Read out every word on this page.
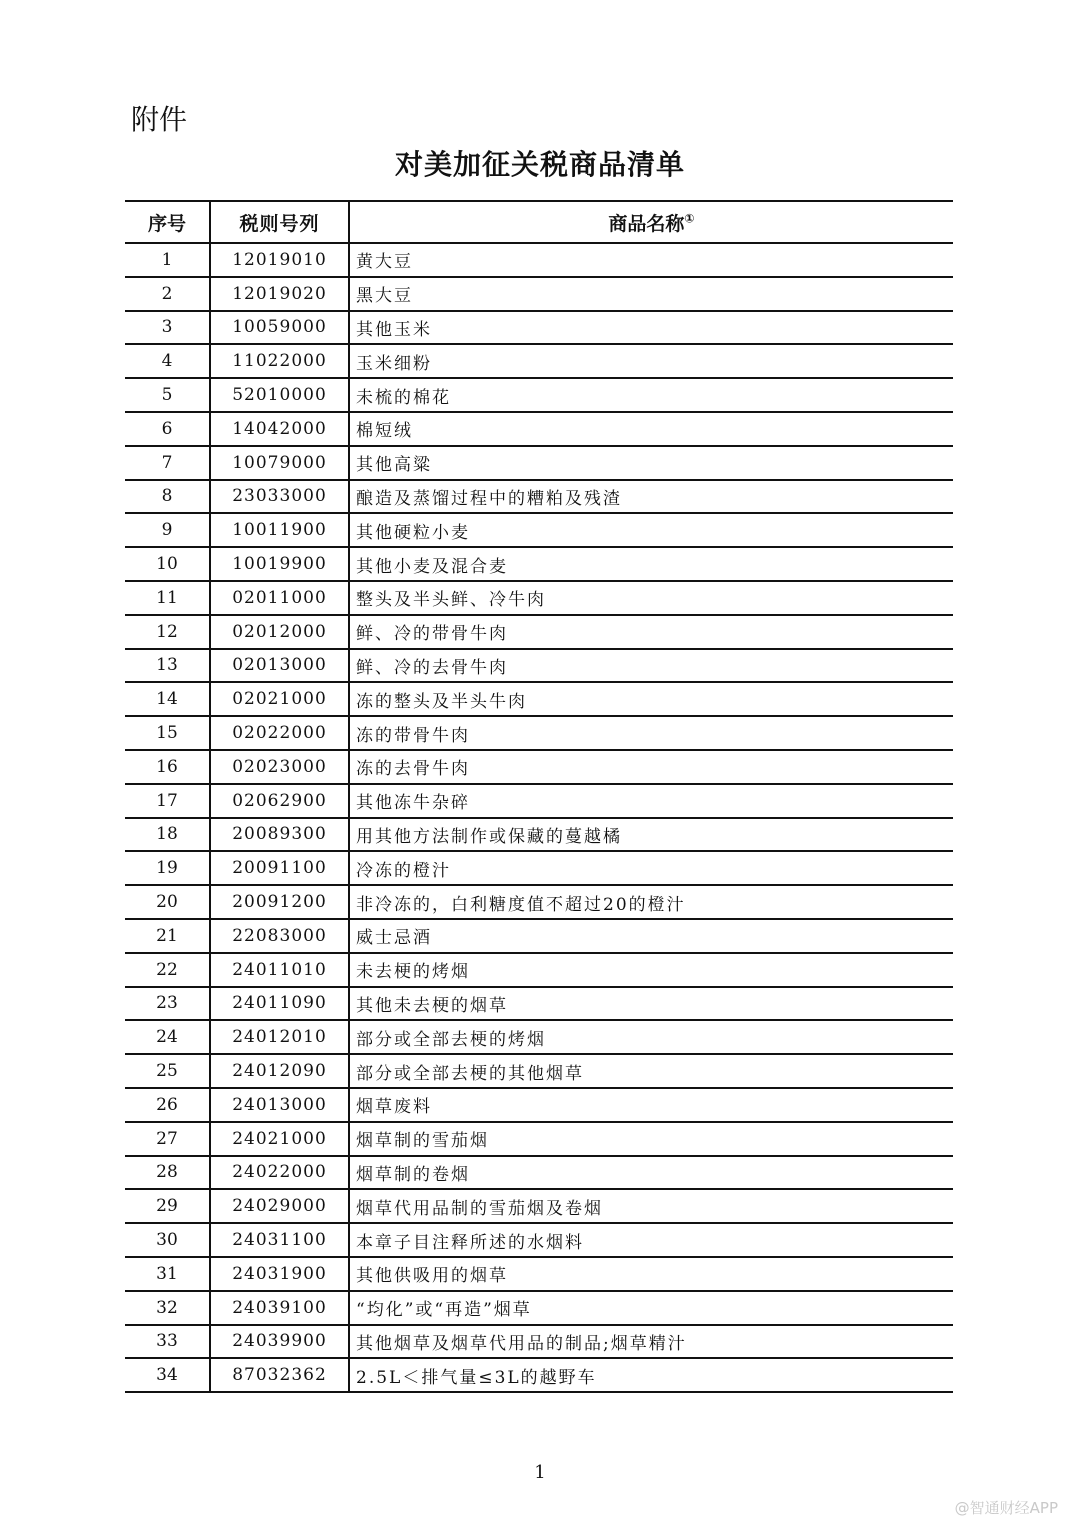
附件
对美加征关税商品清单
序号	税则号列	商品名称①
1	12019010	黄大豆
2	12019020	黑大豆
3	10059000	其他玉米
4	11022000	玉米细粉
5	52010000	未梳的棉花
6	14042000	棉短绒
7	10079000	其他高粱
8	23033000	酿造及蒸馏过程中的糟粕及残渣
9	10011900	其他硬粒小麦
10	10019900	其他小麦及混合麦
11	02011000	整头及半头鲜、冷牛肉
12	02012000	鲜、冷的带骨牛肉
13	02013000	鲜、冷的去骨牛肉
14	02021000	冻的整头及半头牛肉
15	02022000	冻的带骨牛肉
16	02023000	冻的去骨牛肉
17	02062900	其他冻牛杂碎
18	20089300	用其他方法制作或保藏的蔓越橘
19	20091100	冷冻的橙汁
20	20091200	非冷冻的，白利糖度值不超过20的橙汁
21	22083000	威士忌酒
22	24011010	未去梗的烤烟
23	24011090	其他未去梗的烟草
24	24012010	部分或全部去梗的烤烟
25	24012090	部分或全部去梗的其他烟草
26	24013000	烟草废料
27	24021000	烟草制的雪茄烟
28	24022000	烟草制的卷烟
29	24029000	烟草代用品制的雪茄烟及卷烟
30	24031100	本章子目注释所述的水烟料
31	24031900	其他供吸用的烟草
32	24039100	“均化”或“再造”烟草
33	24039900	其他烟草及烟草代用品的制品;烟草精汁
34	87032362	2.5L＜排气量≤3L的越野车
1
@智通财经APP
